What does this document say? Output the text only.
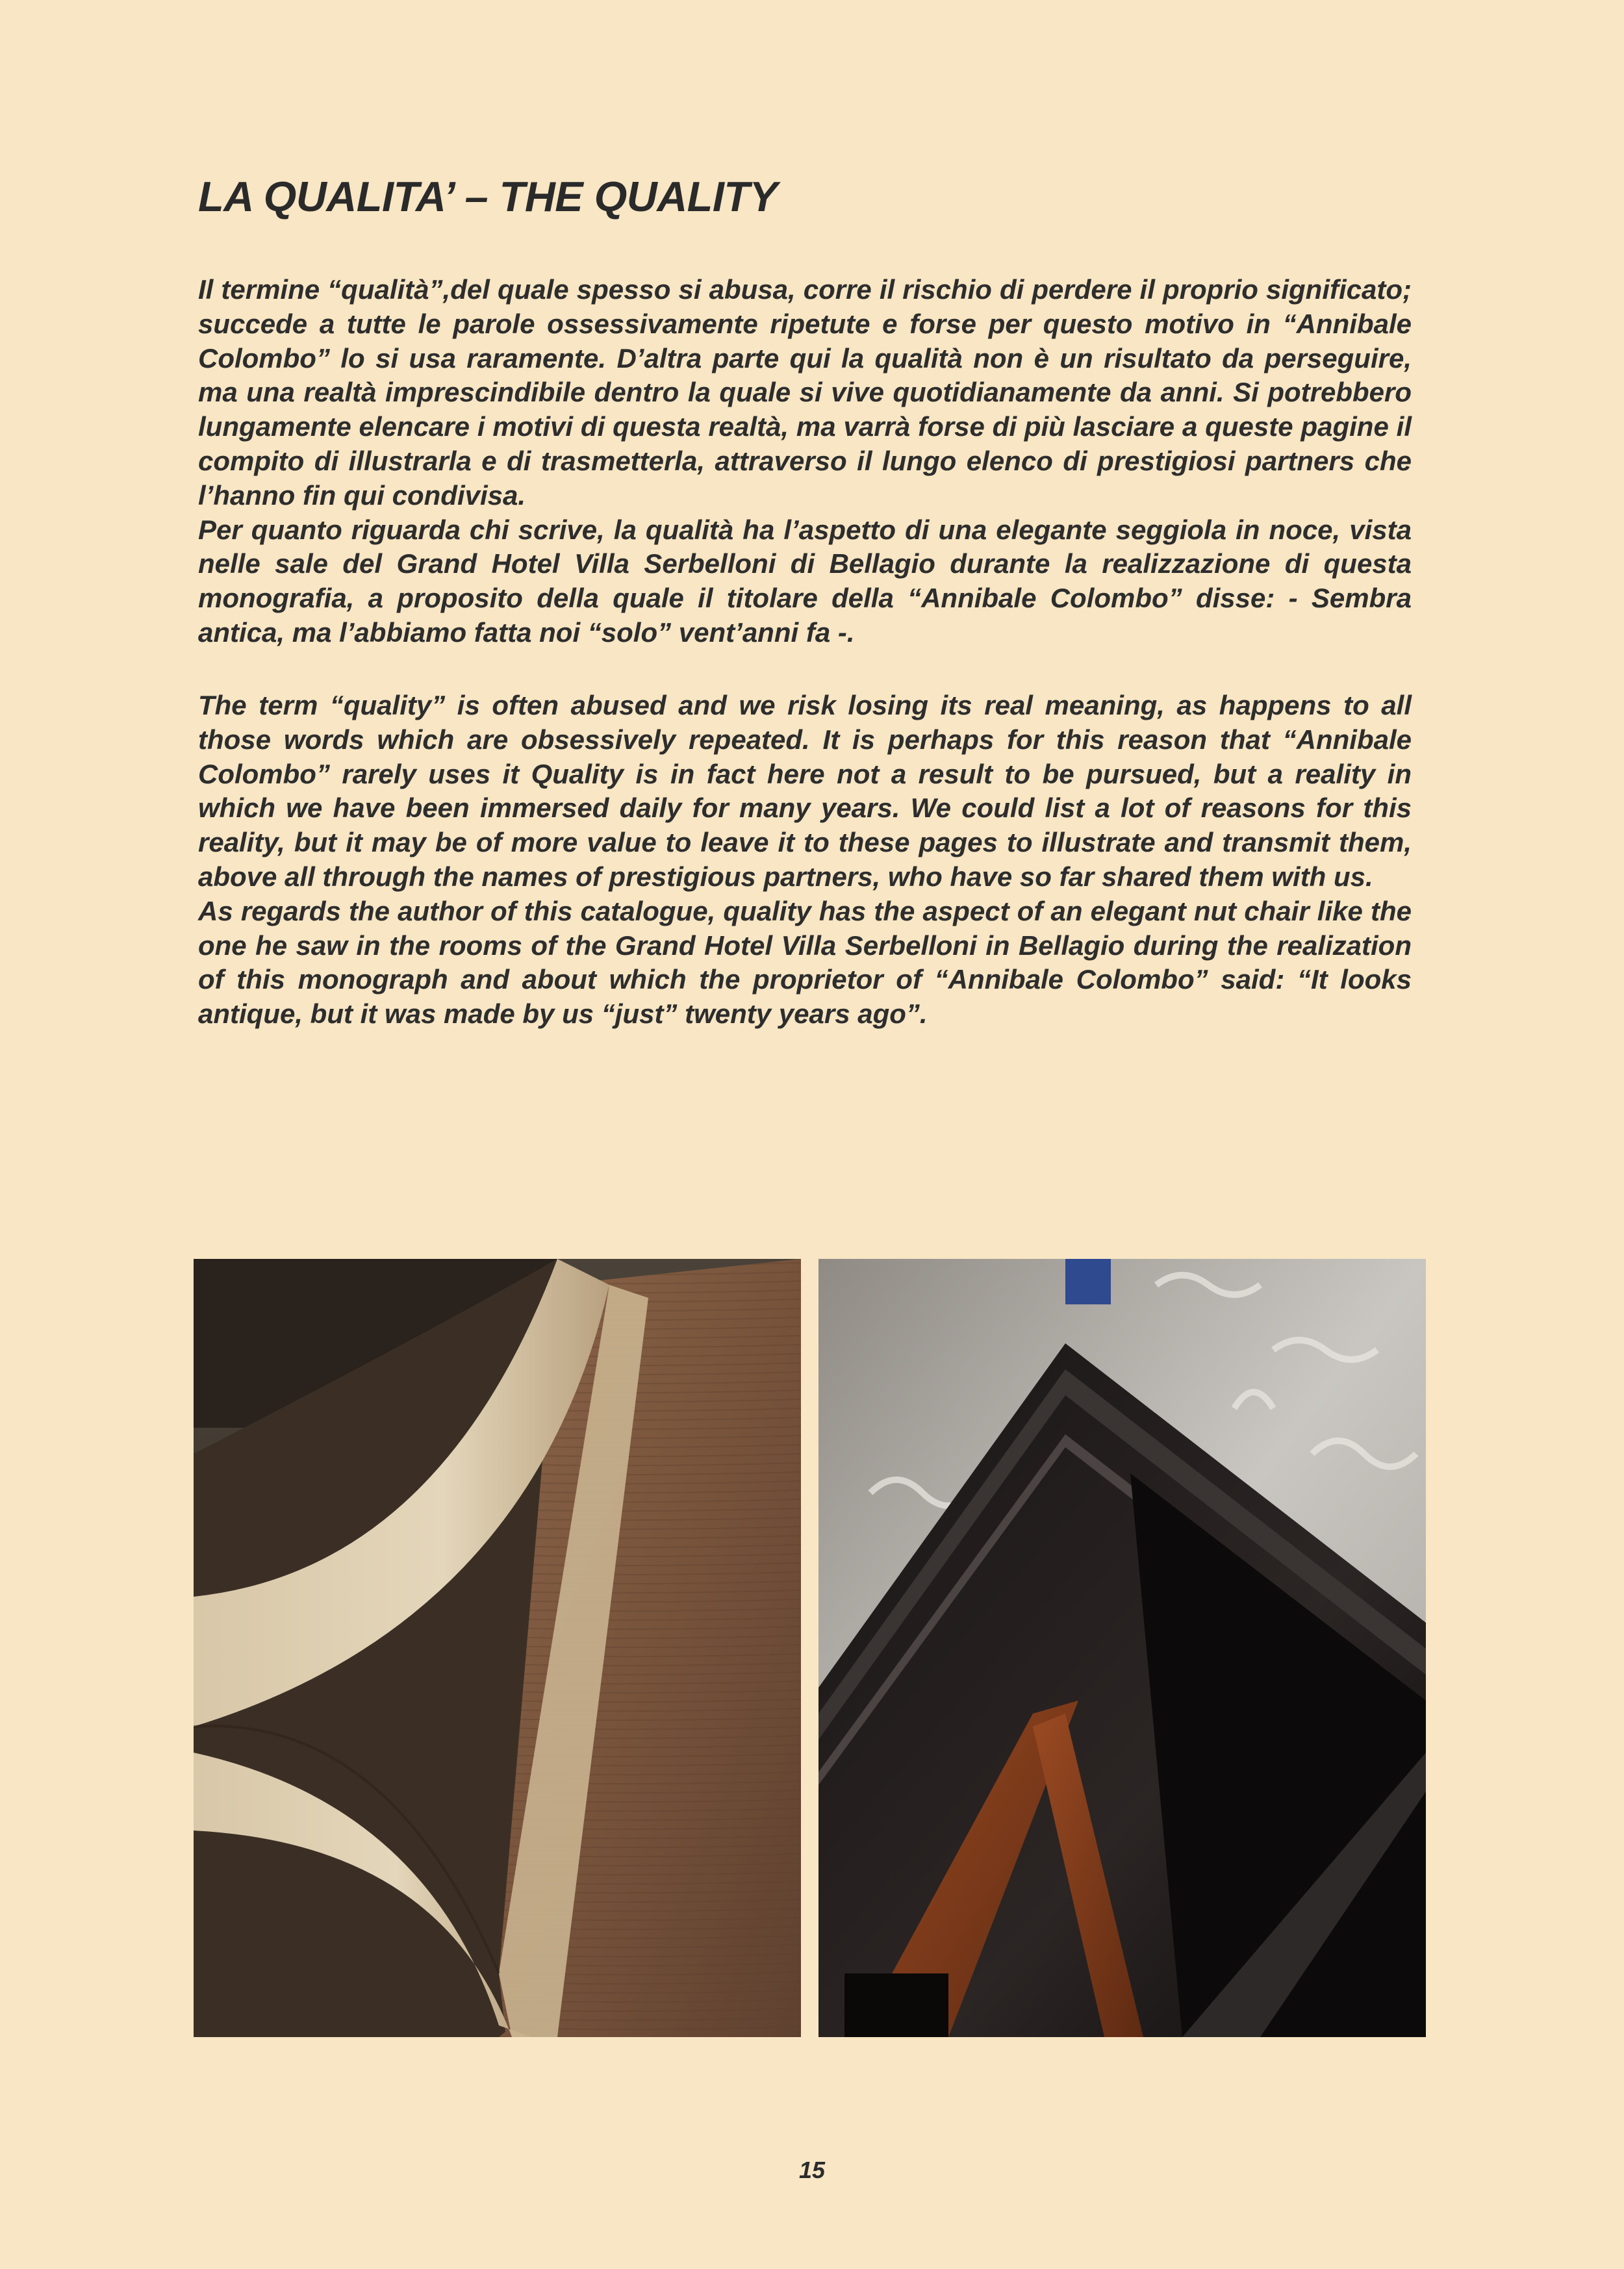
LA QUALITA’ – THE QUALITY

Il termine “qualità”,del quale spesso si abusa, corre il rischio di perdere il proprio significato; succede a tutte le parole ossessivamente ripetute e forse per questo motivo in “Annibale Colombo” lo si usa raramente. D’altra parte qui la qualità non è un risultato da perseguire, ma una realtà imprescindibile dentro la quale si vive quotidianamente da anni. Si potrebbero lungamente elencare i motivi di questa realtà, ma varrà forse di più lasciare a queste pagine il compito di illustrarla e di trasmetterla, attraverso il lungo elenco di prestigiosi partners che l’hanno fin qui condivisa.

Per quanto riguarda chi scrive, la qualità ha l’aspetto di una elegante seggiola in noce, vista nelle sale del Grand Hotel Villa Serbelloni di Bellagio durante la realizzazione di questa monografia, a proposito della quale il titolare della “Annibale Colombo” disse: - Sembra antica, ma l’abbiamo fatta noi “solo” vent’anni fa -.

The term “quality” is often abused and we risk losing its real meaning, as happens to all those words which are obsessively repeated. It is perhaps for this reason that “Annibale Colombo” rarely uses it Quality is in fact here not a result to be pursued, but a reality in which we have been immersed daily for many years. We could list a lot of reasons for this reality, but it may be of more value to leave it to these pages to illustrate and transmit them, above all through the names of prestigious partners, who have so far shared them with us.

As regards the author of this catalogue, quality has the aspect of an elegant nut chair like the one he saw in the rooms of the Grand Hotel Villa Serbelloni in Bellagio during the realization of this monograph and about which the proprietor of “Annibale Colombo” said: “It looks antique, but it was made by us “just” twenty years ago”.

15
